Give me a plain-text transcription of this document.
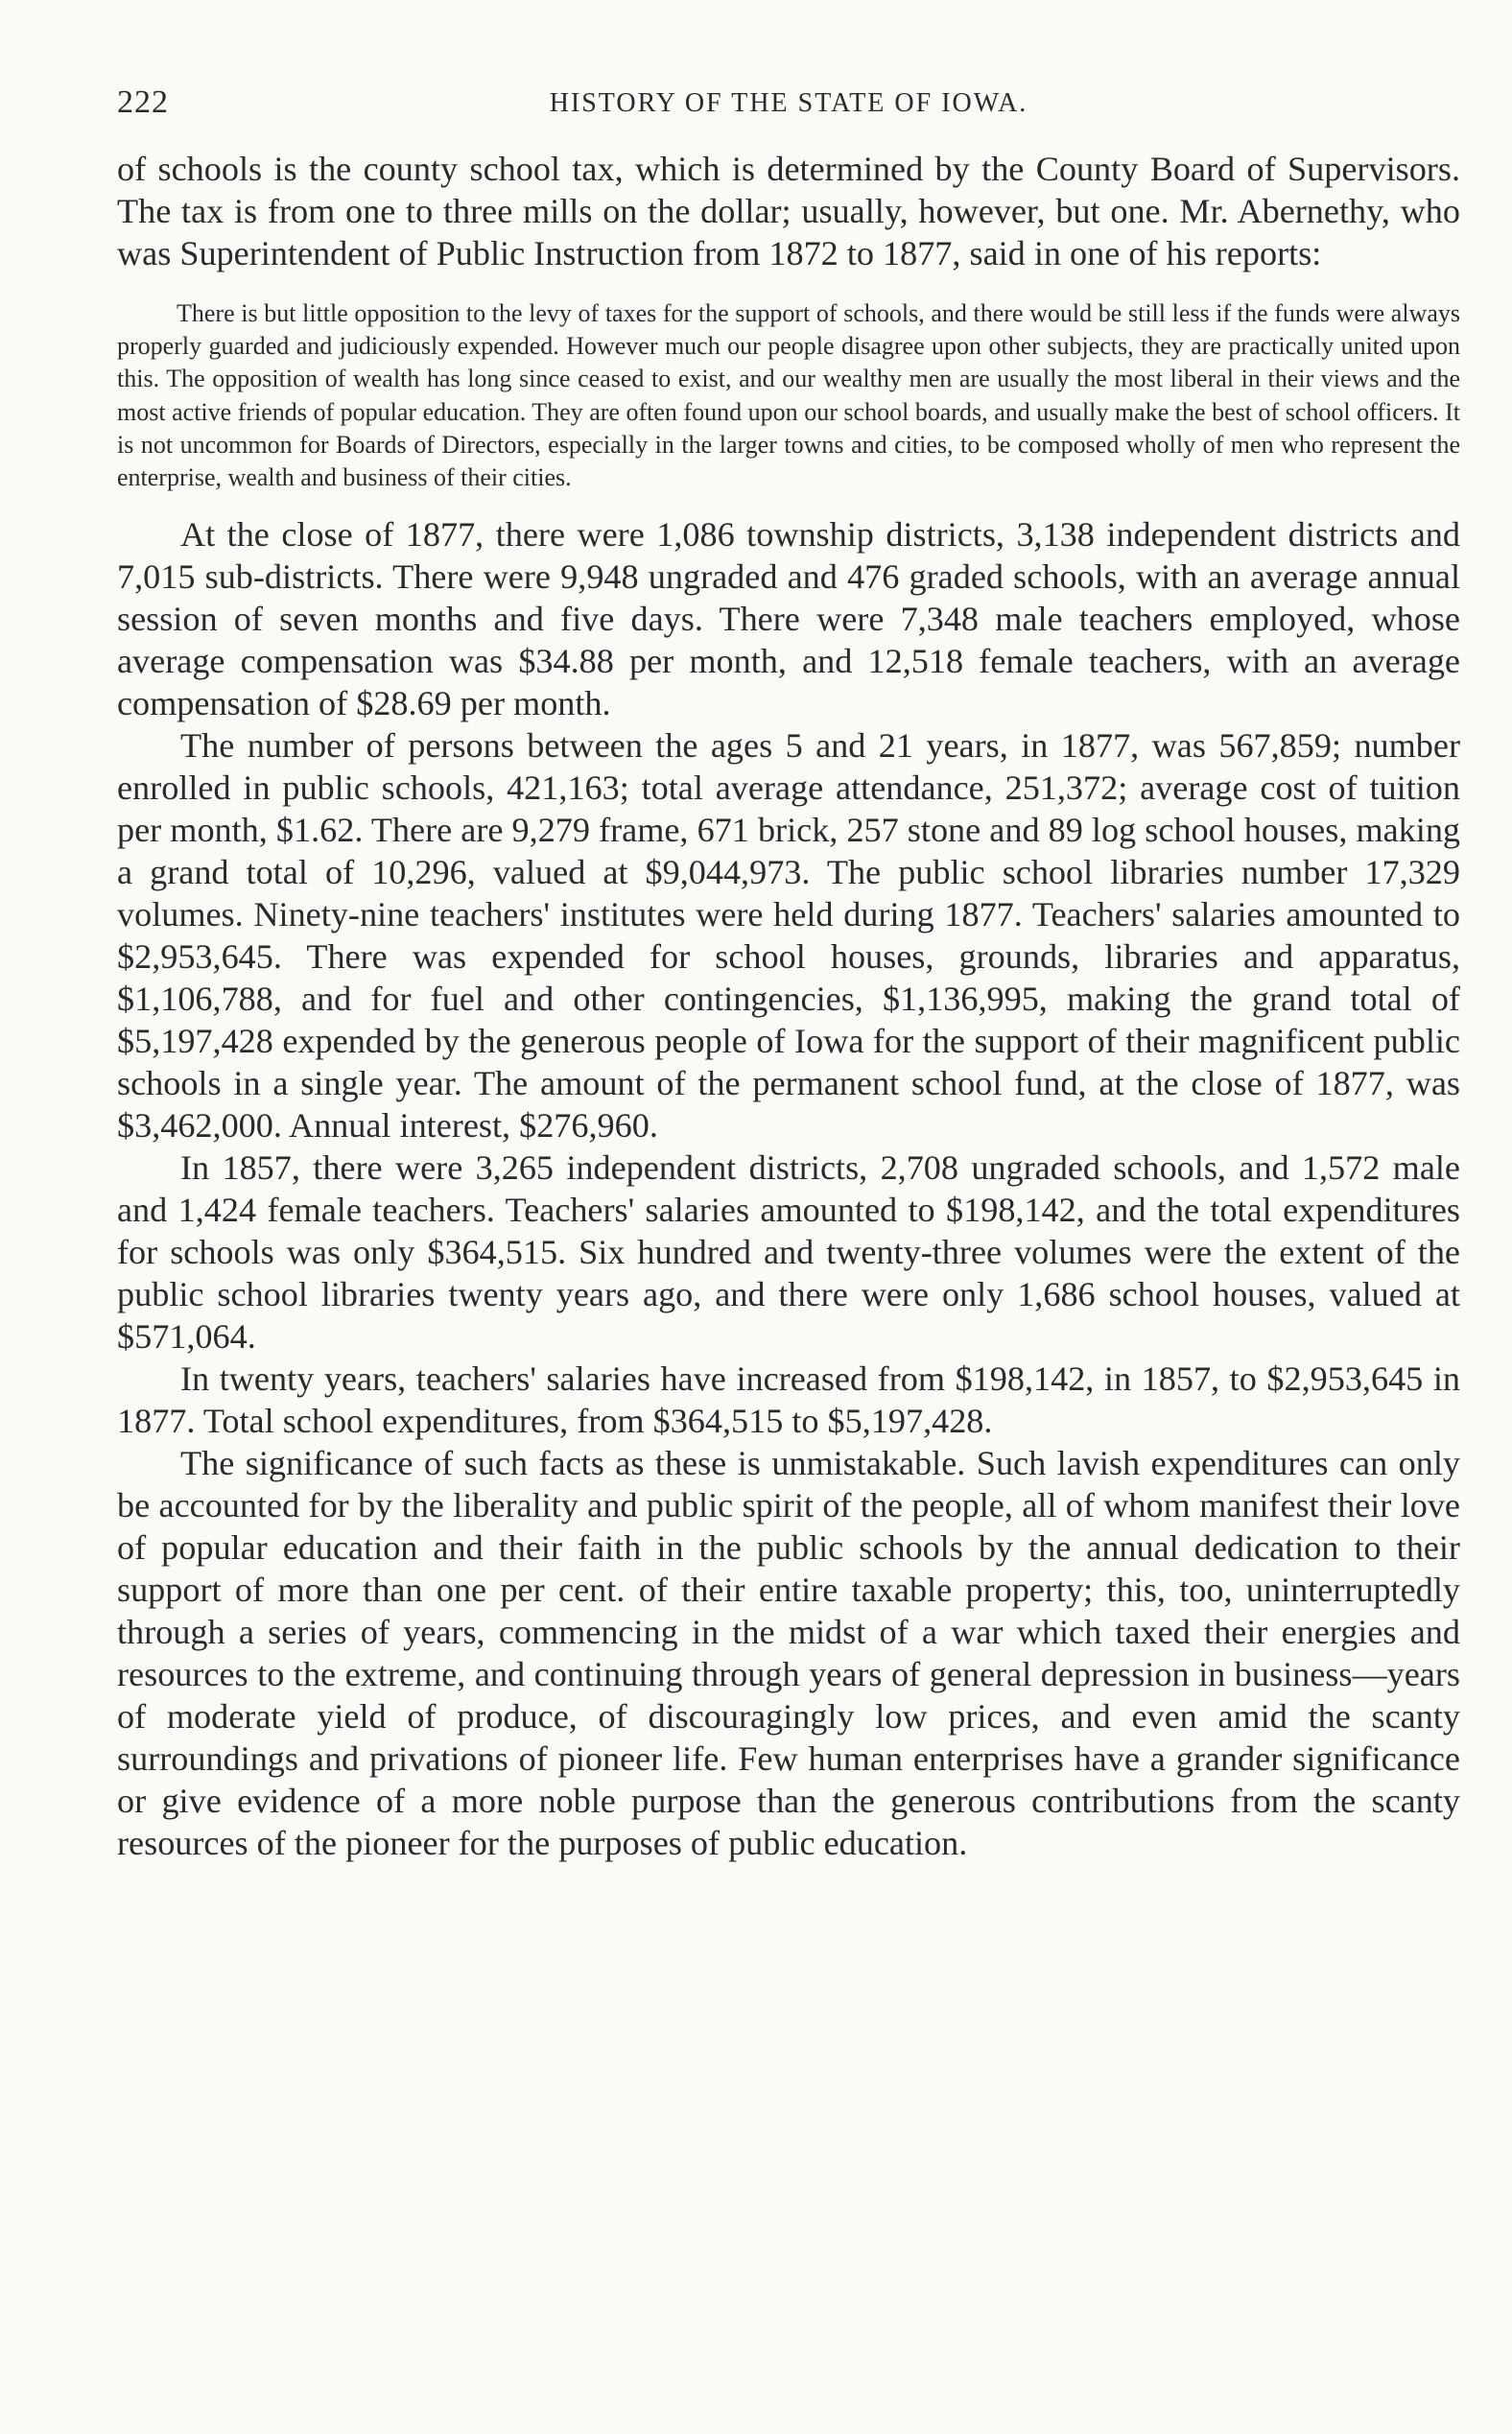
222	HISTORY OF THE STATE OF IOWA.

of schools is the county school tax, which is determined by the County Board of Supervisors. The tax is from one to three mills on the dollar; usually, however, but one. Mr. Abernethy, who was Superintendent of Public Instruction from 1872 to 1877, said in one of his reports:

There is but little opposition to the levy of taxes for the support of schools, and there would be still less if the funds were always properly guarded and judiciously expended. However much our people disagree upon other subjects, they are practically united upon this. The opposition of wealth has long since ceased to exist, and our wealthy men are usually the most liberal in their views and the most active friends of popular education. They are often found upon our school boards, and usually make the best of school officers. It is not uncommon for Boards of Directors, especially in the larger towns and cities, to be composed wholly of men who represent the enterprise, wealth and business of their cities.

At the close of 1877, there were 1,086 township districts, 3,138 independent districts and 7,015 sub-districts. There were 9,948 ungraded and 476 graded schools, with an average annual session of seven months and five days. There were 7,348 male teachers employed, whose average compensation was $34.88 per month, and 12,518 female teachers, with an average compensation of $28.69 per month.

The number of persons between the ages 5 and 21 years, in 1877, was 567,859; number enrolled in public schools, 421,163; total average attendance, 251,372; average cost of tuition per month, $1.62. There are 9,279 frame, 671 brick, 257 stone and 89 log school houses, making a grand total of 10,296, valued at $9,044,973. The public school libraries number 17,329 volumes. Ninety-nine teachers' institutes were held during 1877. Teachers' salaries amounted to $2,953,645. There was expended for school houses, grounds, libraries and apparatus, $1,106,788, and for fuel and other contingencies, $1,136,995, making the grand total of $5,197,428 expended by the generous people of Iowa for the support of their magnificent public schools in a single year. The amount of the permanent school fund, at the close of 1877, was $3,462,000. Annual interest, $276,960.

In 1857, there were 3,265 independent districts, 2,708 ungraded schools, and 1,572 male and 1,424 female teachers. Teachers' salaries amounted to $198,142, and the total expenditures for schools was only $364,515. Six hundred and twenty-three volumes were the extent of the public school libraries twenty years ago, and there were only 1,686 school houses, valued at $571,064.

In twenty years, teachers' salaries have increased from $198,142, in 1857, to $2,953,645 in 1877. Total school expenditures, from $364,515 to $5,197,428.

The significance of such facts as these is unmistakable. Such lavish expenditures can only be accounted for by the liberality and public spirit of the people, all of whom manifest their love of popular education and their faith in the public schools by the annual dedication to their support of more than one per cent. of their entire taxable property; this, too, uninterruptedly through a series of years, commencing in the midst of a war which taxed their energies and resources to the extreme, and continuing through years of general depression in business—years of moderate yield of produce, of discouragingly low prices, and even amid the scanty surroundings and privations of pioneer life. Few human enterprises have a grander significance or give evidence of a more noble purpose than the generous contributions from the scanty resources of the pioneer for the purposes of public education.
